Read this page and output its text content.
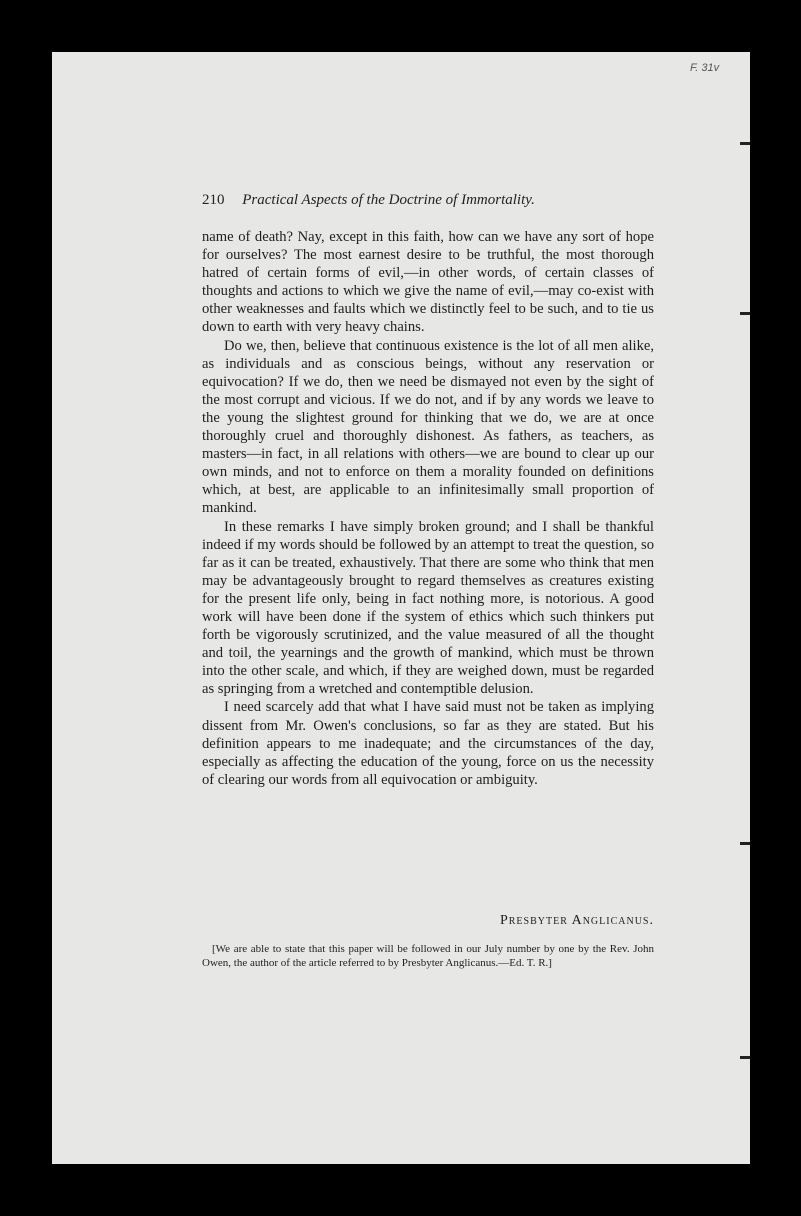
F. 31v
210 Practical Aspects of the Doctrine of Immortality.

name of death? Nay, except in this faith, how can we have any sort of hope for ourselves? The most earnest desire to be truthful, the most thorough hatred of certain forms of evil,—in other words, of certain classes of thoughts and actions to which we give the name of evil,—may co-exist with other weaknesses and faults which we distinctly feel to be such, and to tie us down to earth with very heavy chains.

Do we, then, believe that continuous existence is the lot of all men alike, as individuals and as conscious beings, without any reservation or equivocation? If we do, then we need be dismayed not even by the sight of the most corrupt and vicious. If we do not, and if by any words we leave to the young the slightest ground for thinking that we do, we are at once thoroughly cruel and thoroughly dishonest. As fathers, as teachers, as masters—in fact, in all relations with others—we are bound to clear up our own minds, and not to enforce on them a morality founded on definitions which, at best, are applicable to an infinitesimally small proportion of mankind.

In these remarks I have simply broken ground; and I shall be thankful indeed if my words should be followed by an attempt to treat the question, so far as it can be treated, exhaustively. That there are some who think that men may be advantageously brought to regard themselves as creatures existing for the present life only, being in fact nothing more, is notorious. A good work will have been done if the system of ethics which such thinkers put forth be vigorously scrutinized, and the value measured of all the thought and toil, the yearnings and the growth of mankind, which must be thrown into the other scale, and which, if they are weighed down, must be regarded as springing from a wretched and contemptible delusion.

I need scarcely add that what I have said must not be taken as implying dissent from Mr. Owen's conclusions, so far as they are stated. But his definition appears to me inadequate; and the circumstances of the day, especially as affecting the education of the young, force on us the necessity of clearing our words from all equivocation or ambiguity.

Presbyter Anglicanus.
[We are able to state that this paper will be followed in our July number by one by the Rev. John Owen, the author of the article referred to by Presbyter Anglicanus.—Ed. T. R.]
